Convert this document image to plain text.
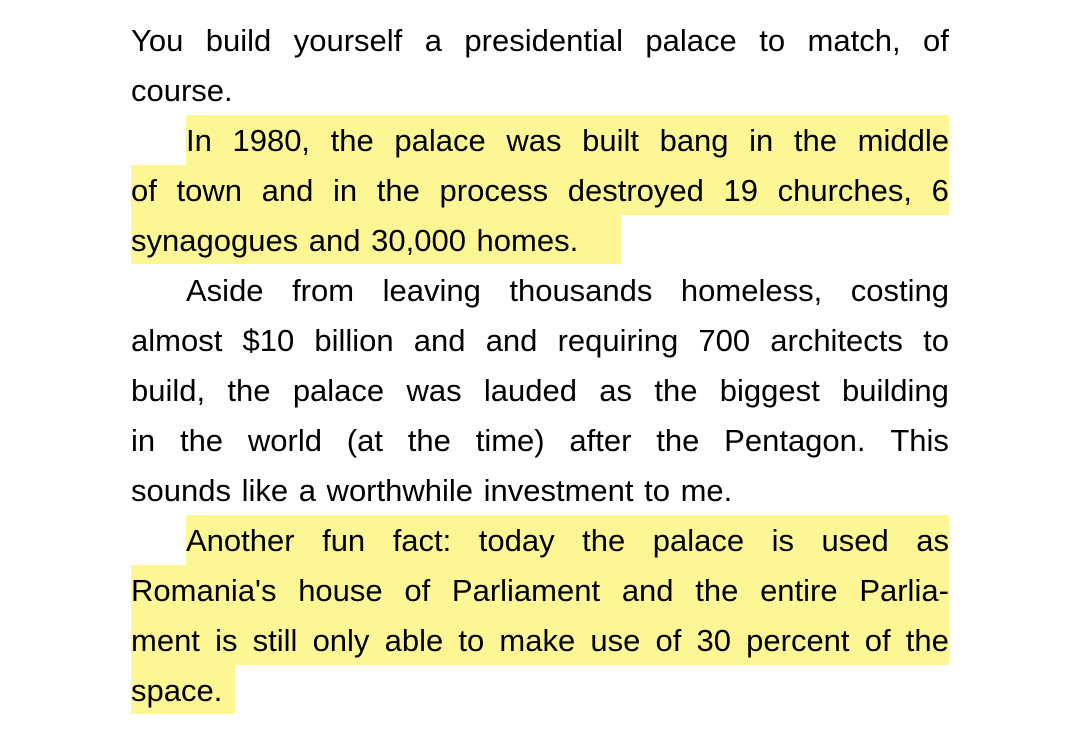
You build yourself a presidential palace to match, of
course.
In 1980, the palace was built bang in the middle
of town and in the process destroyed 19 churches, 6
synagogues and 30,000 homes.
Aside from leaving thousands homeless, costing
almost $10 billion and and requiring 700 architects to
build, the palace was lauded as the biggest building
in the world (at the time) after the Pentagon. This
sounds like a worthwhile investment to me.
Another fun fact: today the palace is used as
Romania's house of Parliament and the entire Parlia-
ment is still only able to make use of 30 percent of the
space.
